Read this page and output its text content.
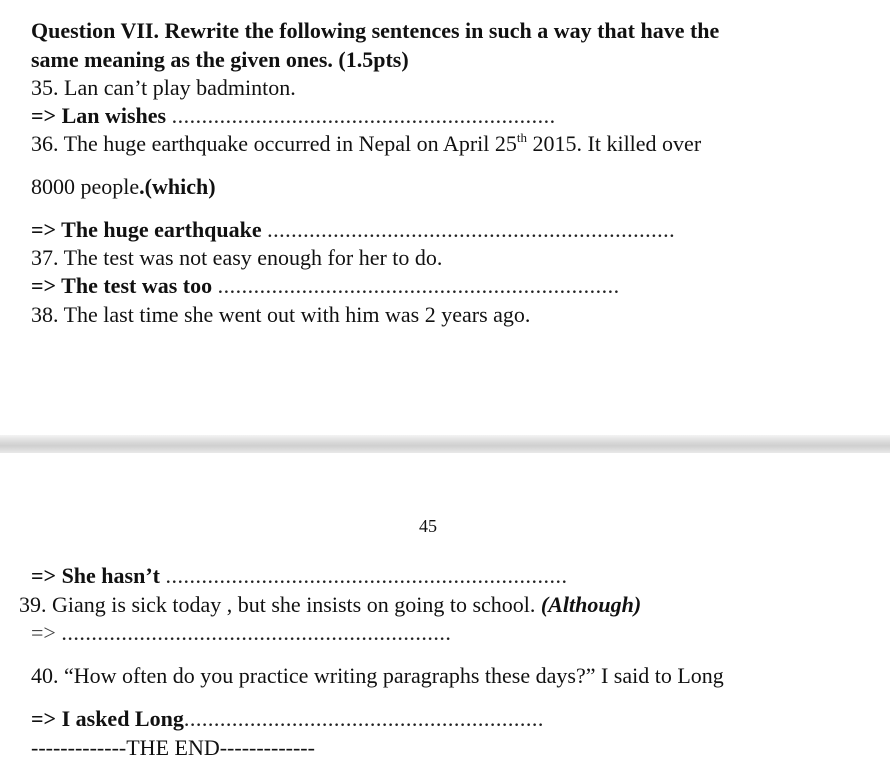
Question VII. Rewrite the following sentences in such a way that have the
same meaning as the given ones. (1.5pts)
35. Lan can’t play badminton.
=> Lan wishes ................................................................
36. The huge earthquake occurred in Nepal on April 25th 2015. It killed over
8000 people.(which)
=> The huge earthquake ....................................................................
37. The test was not easy enough for her to do.
=> The test was too ...................................................................
38. The last time she went out with him was 2 years ago.
45
=> She hasn’t ...................................................................
39. Giang is sick today , but she insists on going to school. (Although)
=> .................................................................
40. “How often do you practice writing paragraphs these days?” I said to Long
=> I asked Long............................................................
-------------THE END-------------
